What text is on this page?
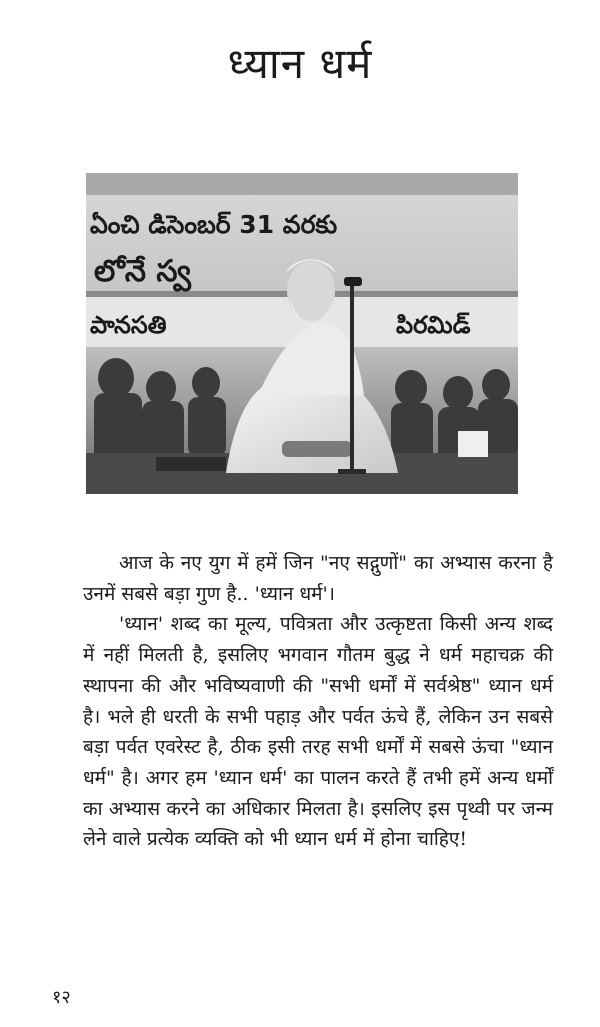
ध्यान धर्म
ఏంచి డిసెంబర్ 31 వరకు
లోనే స్వ
పానసతి	పిరమిడ్

आज के नए युग में हमें जिन "नए सद्गुणों" का अभ्यास करना है उनमें सबसे बड़ा गुण है.. 'ध्यान धर्म'।

'ध्यान' शब्द का मूल्य, पवित्रता और उत्कृष्टता किसी अन्य शब्द में नहीं मिलती है, इसलिए भगवान गौतम बुद्ध ने धर्म महाचक्र की स्थापना की और भविष्यवाणी की "सभी धर्मों में सर्वश्रेष्ठ" ध्यान धर्म है। भले ही धरती के सभी पहाड़ और पर्वत ऊंचे हैं, लेकिन उन सबसे बड़ा पर्वत एवरेस्ट है, ठीक इसी तरह सभी धर्मों में सबसे ऊंचा "ध्यान धर्म" है। अगर हम 'ध्यान धर्म' का पालन करते हैं तभी हमें अन्य धर्मों का अभ्यास करने का अधिकार मिलता है। इसलिए इस पृथ्वी पर जन्म लेने वाले प्रत्येक व्यक्ति को भी ध्यान धर्म में होना चाहिए!

१२
